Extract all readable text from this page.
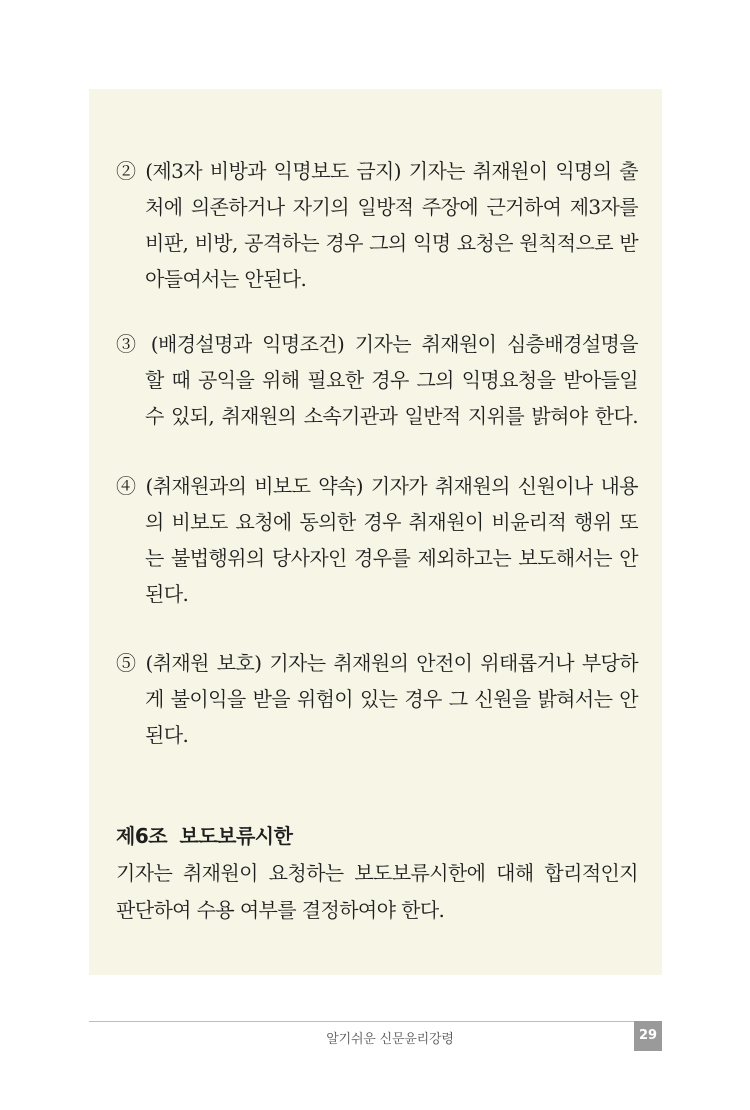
② (제3자 비방과 익명보도 금지) 기자는 취재원이 익명의 출
처에 의존하거나 자기의 일방적 주장에 근거하여 제3자를
비판, 비방, 공격하는 경우 그의 익명 요청은 원칙적으로 받
아들여서는 안된다.
③ (배경설명과 익명조건) 기자는 취재원이 심층배경설명을
할 때 공익을 위해 필요한 경우 그의 익명요청을 받아들일
수 있되, 취재원의 소속기관과 일반적 지위를 밝혀야 한다.
④ (취재원과의 비보도 약속) 기자가 취재원의 신원이나 내용
의 비보도 요청에 동의한 경우 취재원이 비윤리적 행위 또
는 불법행위의 당사자인 경우를 제외하고는 보도해서는 안
된다.
⑤ (취재원 보호) 기자는 취재원의 안전이 위태롭거나 부당하
게 불이익을 받을 위험이 있는 경우 그 신원을 밝혀서는 안
된다.
제6조 보도보류시한
기자는 취재원이 요청하는 보도보류시한에 대해 합리적인지
판단하여 수용 여부를 결정하여야 한다.
알기쉬운 신문윤리강령	29
